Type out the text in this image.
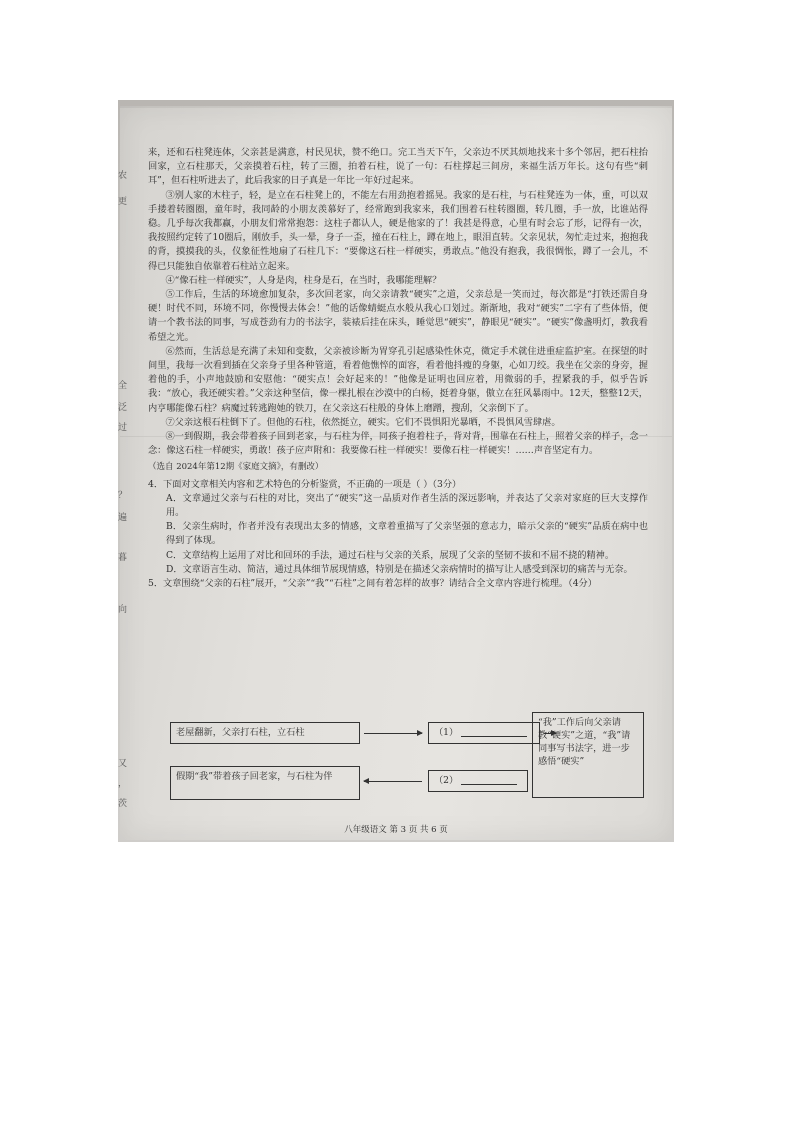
来，还和石柱凳连体，父亲甚是满意，村民见状，赞不绝口。完工当天下午，父亲边不厌其烦地找来十多个邻居，把石柱抬回家，立石柱那天，父亲摸着石柱，转了三圈，拍着石柱，说了一句：石柱撑起三间房，来福生活万年长。这句有些“刺耳”，但石柱听进去了，此后我家的日子真是一年比一年好过起来。

③别人家的木柱子，轻，是立在石柱凳上的，不能左右用劲抱着摇晃。我家的是石柱，与石柱凳连为一体，重，可以双手搂着转圈圈，童年时，我同龄的小朋友羡慕好了，经常跑到我家来，我们围着石柱转圈圈，转几圈，手一放，比谁站得稳。几乎每次我都赢，小朋友们常常抱怨：这柱子都认人，硬是他家的了！我甚是得意，心里有时会忘了形，记得有一次，我按照约定转了10圈后，刚放手，头一晕，身子一歪，撞在石柱上，蹲在地上，眼泪直转。父亲见状，匆忙走过来，抱抱我的背，摸摸我的头，仪象征性地扇了石柱几下：“要像这石柱一样硬实，勇敢点。”他没有抱我，我很惆怅，蹲了一会儿，不得已只能独自依靠着石柱站立起来。

④“像石柱一样硬实”，人身是肉，柱身是石，在当时，我哪能理解？

⑤工作后，生活的环境愈加复杂，多次回老家，向父亲请教“硬实”之道，父亲总是一笑而过，每次都是“打铁还需自身硬！时代不同，环境不同，你慢慢去体会！”他的话像蜻蜓点水般从我心口划过。渐渐地，我对“硬实”二字有了些体悟，便请一个教书法的同事，写成苍劲有力的书法字，装裱后挂在床头，睡觉思“硬实”，静眼见“硬实”。“硬实”像盏明灯，教我看希望之光。

⑥然而，生活总是充满了未知和变数，父亲被诊断为胃穿孔引起感染性休克，微定手术就住进重症监护室。在探望的时间里，我每一次看到插在父亲身子里各种管道，看着他憔悴的面容，看着他抖瘦的身躯，心如刀绞。我坐在父亲的身旁，握着他的手，小声地鼓励和安慰他：“硬实点！会好起来的！”他像是证明也回应着，用微弱的手，捏紧我的手，似乎告诉我：“放心，我还硬实着。”父亲这种坚信，像一棵扎根在沙漠中的白杨，挺着身躯，傲立在狂风暴雨中。12天，整整12天，内亨哪能像石柱？病魔过转逃跑她的铁刀，在父亲这石柱般的身体上磨蹭，搜刮，父亲倒下了。

⑦父亲这根石柱倒下了。但他的石柱，依然挺立，硬实。它们不畏惧阳光暴晒，不畏惧风雪肆虐。

⑧一到假期，我会带着孩子回到老家，与石柱为伴，同孩子抱着柱子，背对背，围靠在石柱上，照着父亲的样子，念一念：像这石柱一样硬实，勇敢！孩子应声附和：我要像石柱一样硬实！要像石柱一样硬实！……声音坚定有力。

（选自 2024年第12期《家庭文摘》，有删改）

4．下面对文章相关内容和艺术特色的分析鉴赏，不正确的一项是（ ）（3分）

A．文章通过父亲与石柱的对比，突出了“硬实”这一品质对作者生活的深远影响，并表达了父亲对家庭的巨大支撑作用。

B．父亲生病时，作者并没有表现出太多的情感，文章着重描写了父亲坚强的意志力，暗示父亲的“硬实”品质在病中也得到了体现。

C．文章结构上运用了对比和回环的手法，通过石柱与父亲的关系，展现了父亲的坚韧不拔和不屈不挠的精神。

D．文章语言生动、简洁，通过具体细节展现情感，特别是在描述父亲病情时的描写让人感受到深切的痛苦与无奈。

5．文章围绕“父亲的石柱”展开，“父亲”“我”“石柱”之间有着怎样的故事？请结合全文章内容进行梳理。（4分）

老屋翻新，父亲打石柱，立石柱	（1）
“我”工作后向父亲请教“硬实”之道，“我”请同事写书法字，进一步感悟“硬实”
假期“我”带着孩子回老家，与石柱为伴	（2）
八年级语文 第 3 页 共 6 页
农
更
全
泛
过
？
遍
暮
向
又
，
茨
